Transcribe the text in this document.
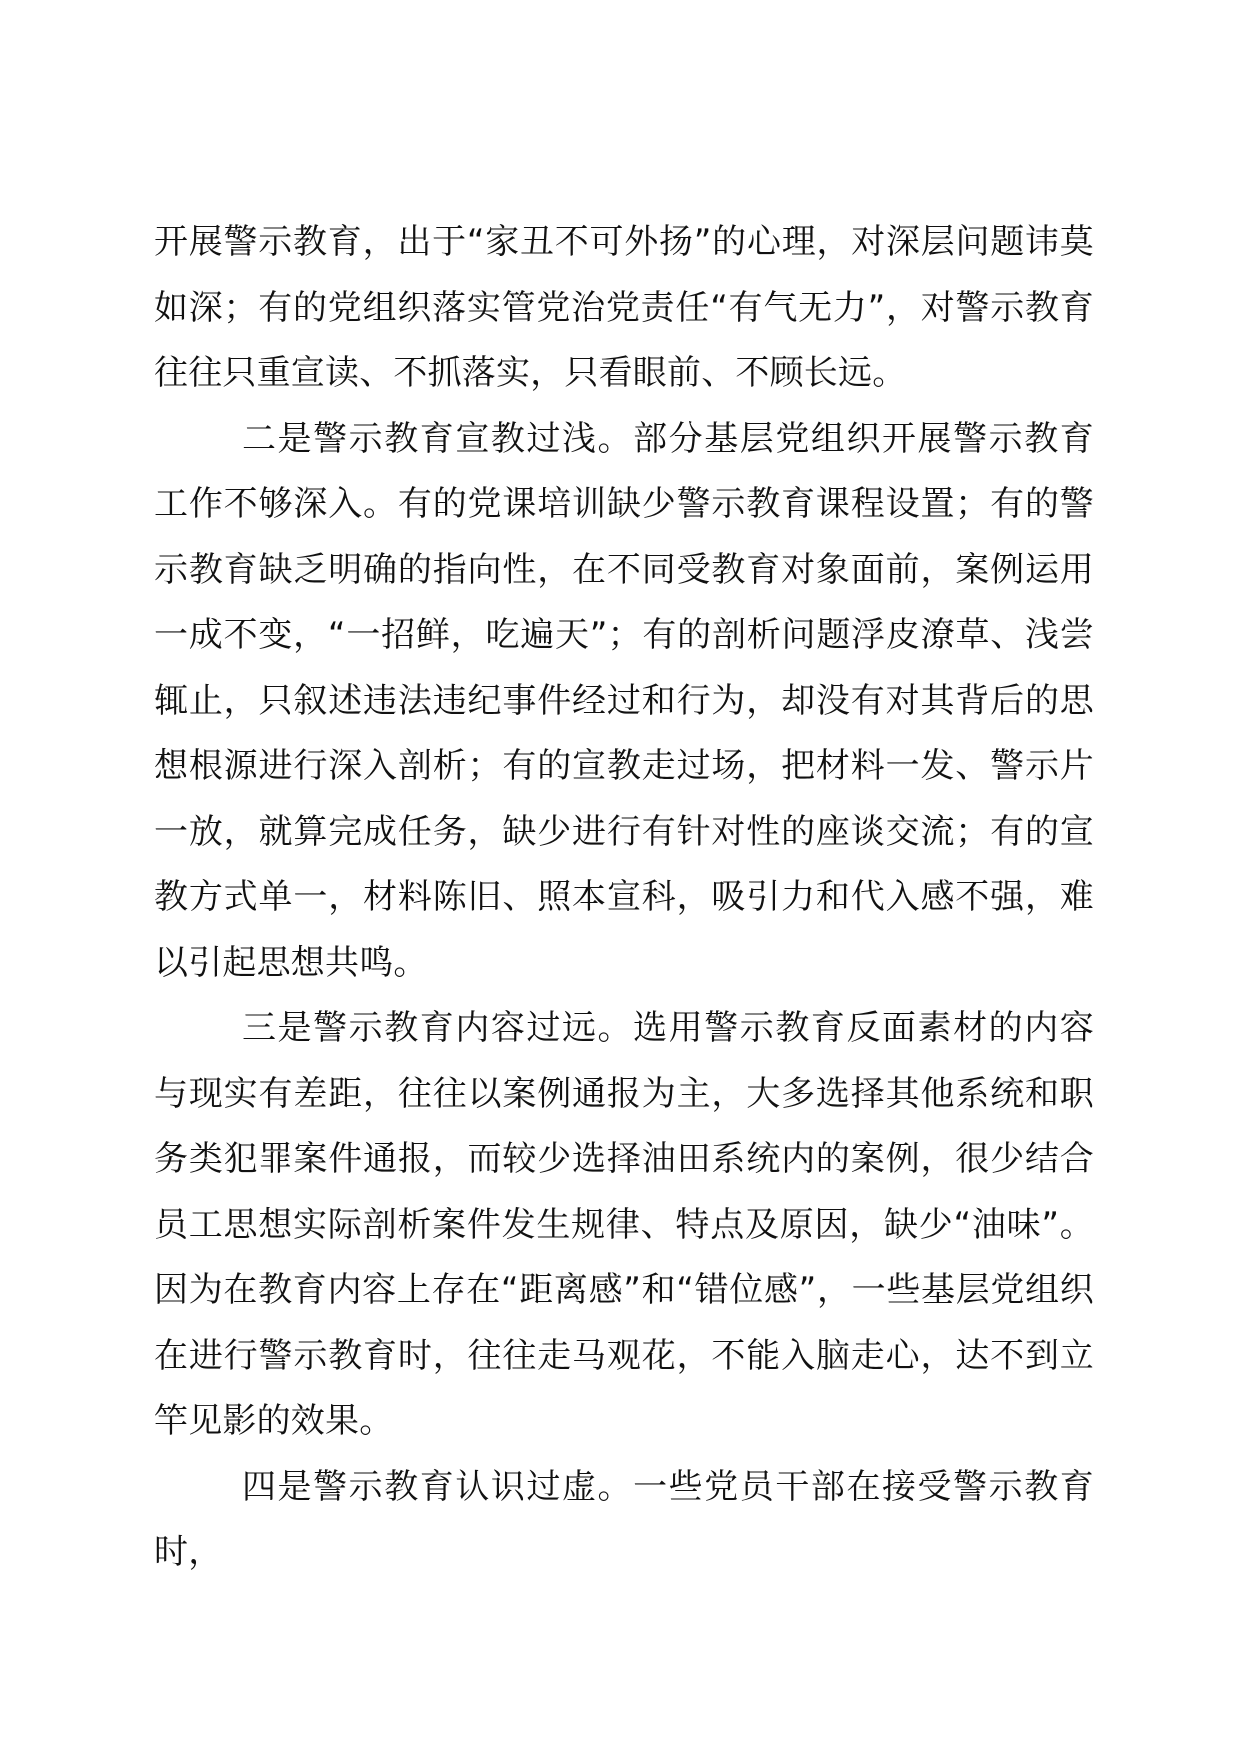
开展警示教育，出于“家丑不可外扬”的心理，对深层问题讳莫如深；有的党组织落实管党治党责任“有气无力”，对警示教育往往只重宣读、不抓落实，只看眼前、不顾长远。

二是警示教育宣教过浅。部分基层党组织开展警示教育工作不够深入。有的党课培训缺少警示教育课程设置；有的警示教育缺乏明确的指向性，在不同受教育对象面前，案例运用一成不变，“一招鲜，吃遍天”；有的剖析问题浮皮潦草、浅尝辄止，只叙述违法违纪事件经过和行为，却没有对其背后的思想根源进行深入剖析；有的宣教走过场，把材料一发、警示片一放，就算完成任务，缺少进行有针对性的座谈交流；有的宣教方式单一，材料陈旧、照本宣科，吸引力和代入感不强，难以引起思想共鸣。

三是警示教育内容过远。选用警示教育反面素材的内容与现实有差距，往往以案例通报为主，大多选择其他系统和职务类犯罪案件通报，而较少选择油田系统内的案例，很少结合员工思想实际剖析案件发生规律、特点及原因，缺少“油味”。因为在教育内容上存在“距离感”和“错位感”，一些基层党组织在进行警示教育时，往往走马观花，不能入脑走心，达不到立竿见影的效果。

四是警示教育认识过虚。一些党员干部在接受警示教育时，
